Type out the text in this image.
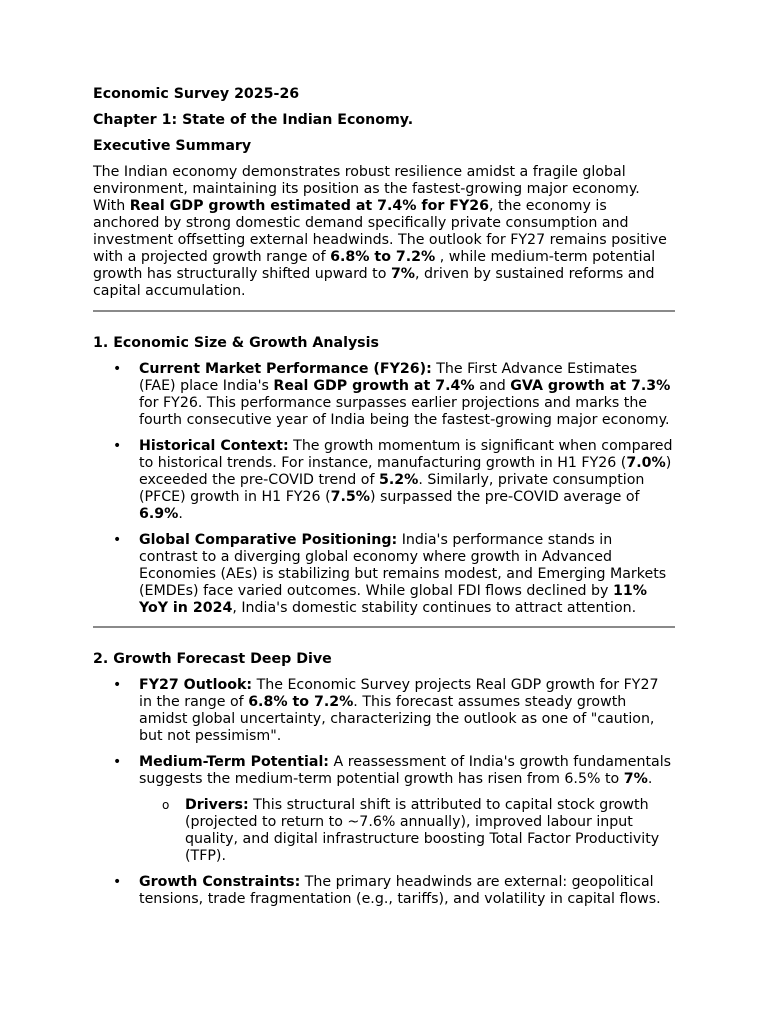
Economic Survey 2025-26

Chapter 1: State of the Indian Economy.

Executive Summary

The Indian economy demonstrates robust resilience amidst a fragile global environment, maintaining its position as the fastest-growing major economy. With Real GDP growth estimated at 7.4% for FY26, the economy is anchored by strong domestic demand specifically private consumption and investment offsetting external headwinds. The outlook for FY27 remains positive with a projected growth range of 6.8% to 7.2% , while medium-term potential growth has structurally shifted upward to 7%, driven by sustained reforms and capital accumulation.

1. Economic Size & Growth Analysis

• Current Market Performance (FY26): The First Advance Estimates (FAE) place India's Real GDP growth at 7.4% and GVA growth at 7.3% for FY26. This performance surpasses earlier projections and marks the fourth consecutive year of India being the fastest-growing major economy.
• Historical Context: The growth momentum is significant when compared to historical trends. For instance, manufacturing growth in H1 FY26 (7.0%) exceeded the pre-COVID trend of 5.2%. Similarly, private consumption (PFCE) growth in H1 FY26 (7.5%) surpassed the pre-COVID average of 6.9%.
• Global Comparative Positioning: India's performance stands in contrast to a diverging global economy where growth in Advanced Economies (AEs) is stabilizing but remains modest, and Emerging Markets (EMDEs) face varied outcomes. While global FDI flows declined by 11% YoY in 2024, India's domestic stability continues to attract attention.

2. Growth Forecast Deep Dive

• FY27 Outlook: The Economic Survey projects Real GDP growth for FY27 in the range of 6.8% to 7.2%. This forecast assumes steady growth amidst global uncertainty, characterizing the outlook as one of "caution, but not pessimism".
• Medium-Term Potential: A reassessment of India's growth fundamentals suggests the medium-term potential growth has risen from 6.5% to 7%.
o Drivers: This structural shift is attributed to capital stock growth (projected to return to ~7.6% annually), improved labour input quality, and digital infrastructure boosting Total Factor Productivity (TFP).
• Growth Constraints: The primary headwinds are external: geopolitical tensions, trade fragmentation (e.g., tariffs), and volatility in capital flows.
